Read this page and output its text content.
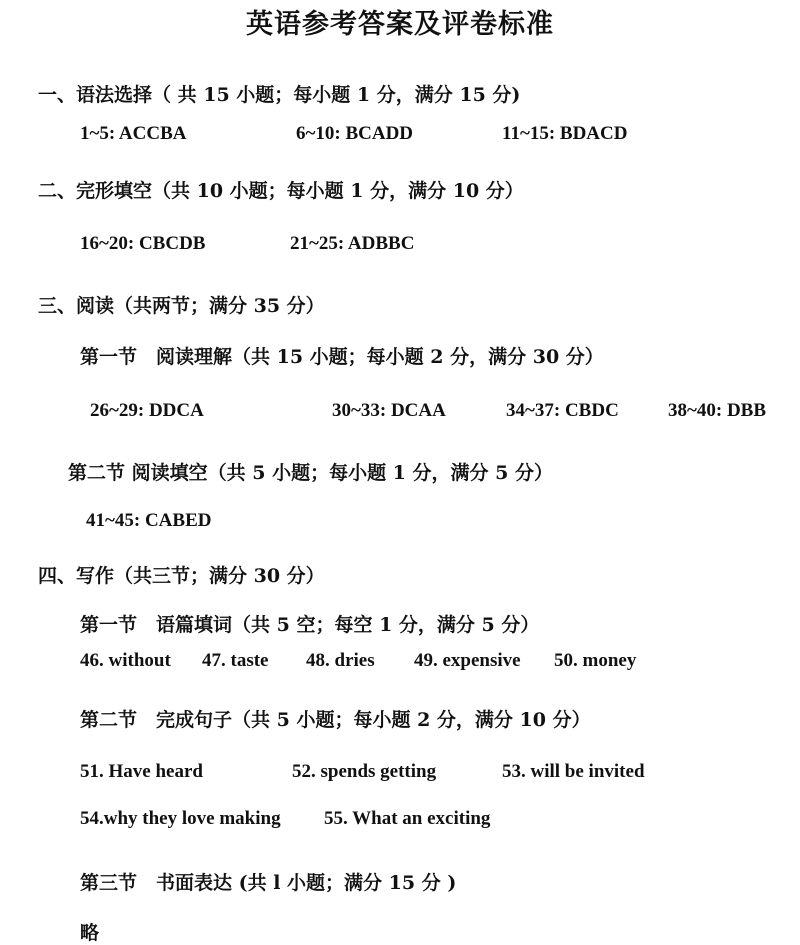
英语参考答案及评卷标准
一、语法选择（ 共 15 小题；每小题 1 分，满分 15 分)
1~5: ACCBA	6~10: BCADD	11~15: BDACD
二、完形填空（共 10 小题；每小题 1 分，满分 10 分）
16~20: CBCDB	21~25: ADBBC
三、阅读（共两节；满分 35 分）
第一节　阅读理解（共 15 小题；每小题 2 分，满分 30 分）
26~29: DDCA	30~33: DCAA	34~37: CBDC	38~40: DBB
第二节 阅读填空（共 5 小题；每小题 1 分，满分 5 分）
41~45: CABED
四、写作（共三节；满分 30 分）
第一节　语篇填词（共 5 空；每空 1 分，满分 5 分）
46. without 47. taste 48. dries 49. expensive 50. money
第二节　完成句子（共 5 小题；每小题 2 分，满分 10 分）
51. Have heard	52. spends getting	53. will be invited
54.why they love making 55. What an exciting
第三节　书面表达 (共 l 小题；满分 15 分 )
略
